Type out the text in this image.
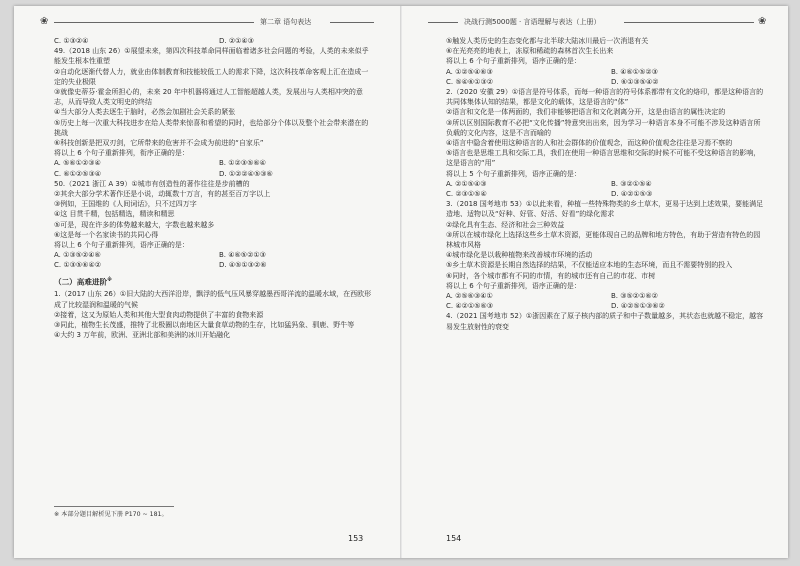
❀	第二章 语句表达
C. ①③②④	D. ②①④③

49.（2018 山东 26）①展望未来，第四次科技革命同样面临着诸多社会问题的考验，人类的未来似乎能发生根本性重塑

②自动化逐渐代替人力，就业由体制教育和技能较低工人的需求下降，这次科技革命客观上汇在造成一定的失业极限

③就像史蒂芬·霍金所担心的，未来 20 年中机器将通过人工智能超越人类，发展出与人类相冲突的意志，从而导致人类文明史的终结

④当大部分人类去逐生于脑时，必然会加剧社会关系的紧张

⑤历史上每一次重大科技进步在给人类带来惊喜和希望的同时，也给部分个体以及整个社会带来潜在的挑战

⑥科技创新是把双刃剑，它所带来的危害并不会成为前进的“自家乐”

将以上 6 个句子重新排列，衔序正确的是：

A. ⑤⑥①②③④	B. ①②③⑤⑥④
C. ⑥①②⑤③④	D. ①②②④⑤③⑥

50.（2021 浙江 A 39）①城市有创造性的著作往往是步前槽的

②其余大部分学术著作还是小说，动辄数十万言，有的甚至百万字以上

③例如，王国维的《人间词话》，只不过四万字

④这 目贯千精，包括精选，精读和精思

⑤可是，现在许多的体势越来越大，字数也越来越多

⑥这是每一个名家读书的共同心得

将以上 6 个句子重新排列，语序正确的是：

A. ①③⑤②④⑥	B. ④⑥⑤②①③
C. ①③⑤⑥④②	D. ④⑤①③②⑥

（二）高难进阶※

1.（2017 山东 26）①旧大陆的大西洋沿岸，飘浮的低气压风暴穿越墨西哥洋流的温暖水域，在西欧形成了比较湿润和温暖的气候

②接着，这又为原始人类和其他大型食肉动物提供了丰富的食物来源

③同此，植物生长茂盛，推特了北极圈以南地区大量食草动物的生存，比如猛犸象、驯鹿、野牛等

④大约 3 万年前，欧洲、亚洲北部和美洲的冰川开始融化

※ 本部分题目解析见下册 P170 ~ 181。
153
决战行测5000题 · 言语理解与表达（上册）	❀

⑤触发人类历史的生态变化都与北半球大陆冰川最后一次消退有关

⑥在光亮亮的地表上，冻原和稀疏的森林首次生长出来

将以上 6 个句子重新排列，语序正确的是：

A. ①②⑤④⑥③	B. ④⑥①⑤②③
C. ⑤④⑥①③②	D. ⑥①③⑤④②

2.（2020 安徽 29）①语言是符号体系，而每一种语言的符号体系都带有文化的烙印，都是这种语言的共同体集体认知的结果，都是文化的载体，这是语言的“体”

②语言和文化是一体两面的，我们非能够把语言和文化剥离分开，这是由语言的属性决定的

③所以区别国际教育不必把“文化传播”特意突出出来，因为学习一种语言本身不可能不涉及这种语言所负载的文化内容，这是不言而喻的

④语言中隐含着使用这种语言的人和社会群体的价值观念，而这种价值观念往往是习焉不察的

⑤语言也是思维工具和交际工具，我们在使用一种语言思维和交际的时候不可能不受这种语言的影响，这是语言的“用”

将以上 5 个句子重新排列，语序正确的是：

A. ②①⑤④③	B. ③②①⑤④
C. ②③①⑤④	D. ④②①⑤③

3.（2018 国考地市 53）①以此来看，种植一些特殊物类的乡土草木，更易于达到上述效果，要能满足造地、适物以及“好种、好管、好活、好看”的绿化需求

②绿化具有生态、经济和社会三种效益

③所以在城市绿化上选择这些乡土草木资源，更能体现自己的品牌和地方特色，有助于营造有特色的园林城市风格

④城市绿化是以栽种植物来改善城市环境的活动

⑤乡土草木资源是长期自然选择的结果，不仅能适应本地的生态环境，而且不需要特别的投入

⑥同时，各个城市都有不同的市情，有的城市还有自己的市花、市树

将以上 6 个句子重新排列，语序正确的是：

A. ②⑤⑥③④①	B. ③⑤②①⑥②
C. ④②①⑤⑥③	D. ④②⑤①③⑥②

4.（2021 国考地市 52）①浙因素在了原子核内部的质子和中子数量越多，其状态也就越不稳定，越容易发生放射性的衰变

154
